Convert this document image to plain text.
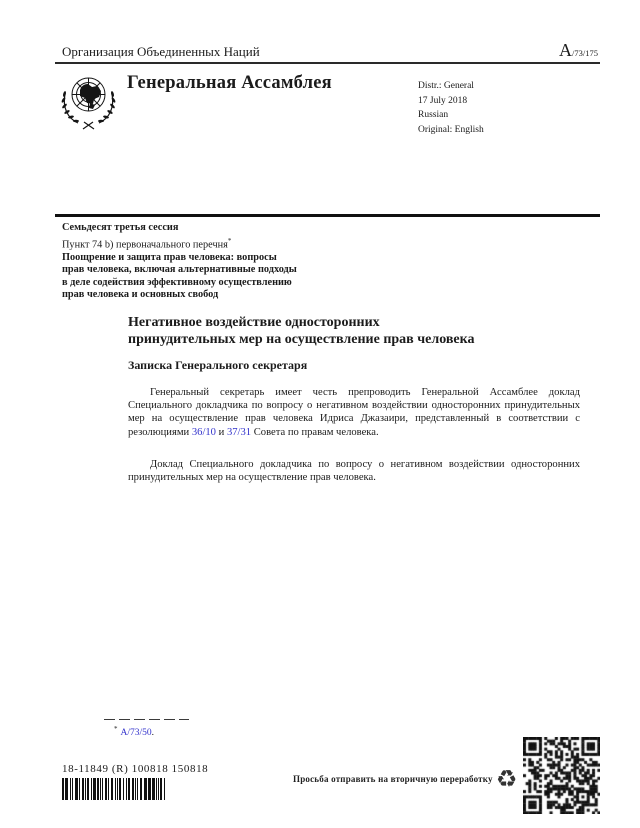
Организация Объединенных Наций	A/73/175
Генеральная Ассамблея	Distr.: General
17 July 2018
Russian
Original: English
Семьдесят третья сессия
Пункт 74 b) первоначального перечня*
Поощрение и защита прав человека: вопросы
прав человека, включая альтернативные подходы
в деле содействия эффективному осуществлению
прав человека и основных свобод
Негативное воздействие односторонних
принудительных мер на осуществление прав человека
Записка Генерального секретаря

Генеральный секретарь имеет честь препроводить Генеральной Ассамблее доклад Специального докладчика по вопросу о негативном воздействии односторонних принудительных мер на осуществление прав человека Идриса Джазаири, представленный в соответствии с резолюциями 36/10 и 37/31 Совета по правам человека.

Доклад Специального докладчика по вопросу о негативном воздействии односторонних принудительных мер на осуществление прав человека.

* A/73/50.
18-11849 (R) 100818 150818
Просьба отправить на вторичную переработку ♻
